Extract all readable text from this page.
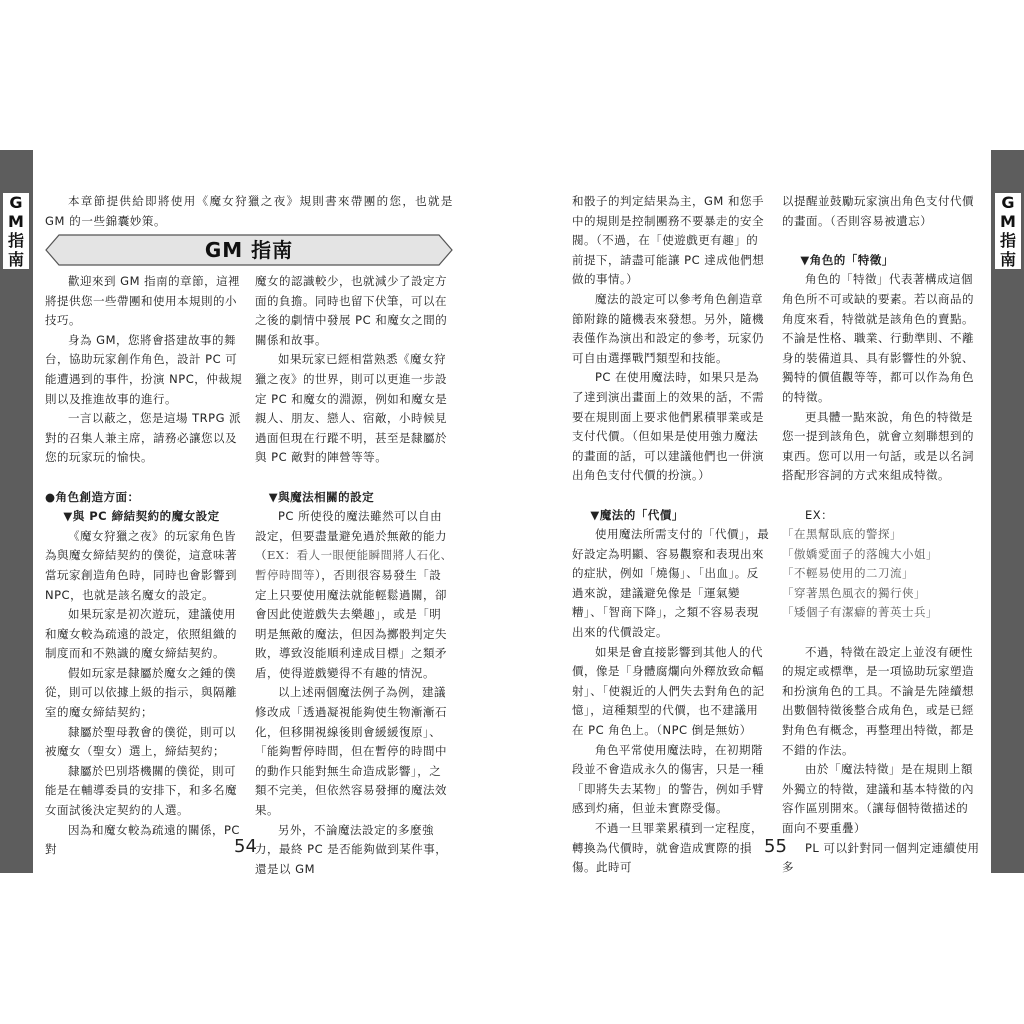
G
M
指
南
G
M
指
南

本章節提供給即將使用《魔女狩獵之夜》規則書來帶團的您，也就是 GM 的一些錦囊妙策。

GM 指南

歡迎來到 GM 指南的章節，這裡將提供您一些帶團和使用本規則的小技巧。

身為 GM，您將會搭建故事的舞台，協助玩家創作角色，設計 PC 可能遭遇到的事件，扮演 NPC，仲裁規則以及推進故事的進行。

一言以蔽之，您是這場 TRPG 派對的召集人兼主席，請務必讓您以及您的玩家玩的愉快。

●角色創造方面：

▼與 PC 締結契約的魔女設定

《魔女狩獵之夜》的玩家角色皆為與魔女締結契約的僕從，這意味著當玩家創造角色時，同時也會影響到 NPC，也就是該名魔女的設定。

如果玩家是初次遊玩，建議使用和魔女較為疏遠的設定，依照組織的制度而和不熟識的魔女締結契約。

假如玩家是隸屬於魔女之鍾的僕從，則可以依據上級的指示，與隔離室的魔女締結契約；

隸屬於聖母教會的僕從，則可以被魔女（聖女）選上，締結契約；

隸屬於巴別塔機關的僕從，則可能是在輔導委員的安排下，和多名魔女面試後決定契約的人選。

因為和魔女較為疏遠的關係，PC 對

魔女的認識較少，也就減少了設定方面的負擔。同時也留下伏筆，可以在之後的劇情中發展 PC 和魔女之間的關係和故事。

如果玩家已經相當熟悉《魔女狩獵之夜》的世界，則可以更進一步設定 PC 和魔女的淵源，例如和魔女是親人、朋友、戀人、宿敵，小時候見過面但現在行蹤不明，甚至是隸屬於與 PC 敵對的陣營等等。

▼與魔法相關的設定

PC 所使役的魔法雖然可以自由設定，但要盡量避免過於無敵的能力（EX：看人一眼便能瞬間將人石化、暫停時間等），否則很容易發生「設定上只要使用魔法就能輕鬆過關，卻會因此使遊戲失去樂趣」，或是「明明是無敵的魔法，但因為擲骰判定失敗，導致沒能順利達成目標」之類矛盾，使得遊戲變得不有趣的情況。

以上述兩個魔法例子為例，建議修改成「透過凝視能夠使生物漸漸石化，但移開視線後則會緩緩復原」、「能夠暫停時間，但在暫停的時間中的動作只能對無生命造成影響」，之類不完美，但依然容易發揮的魔法效果。

另外，不論魔法設定的多麼強力，最終 PC 是否能夠做到某件事，還是以 GM

和骰子的判定結果為主，GM 和您手中的規則是控制團務不要暴走的安全閥。（不過，在「使遊戲更有趣」的前提下，請盡可能讓 PC 達成他們想做的事情。）

魔法的設定可以參考角色創造章節附錄的隨機表來發想。另外，隨機表僅作為演出和設定的參考，玩家仍可自由選擇戰鬥類型和技能。

PC 在使用魔法時，如果只是為了達到演出畫面上的效果的話，不需要在規則面上要求他們累積罪業或是支付代價。（但如果是使用強力魔法的畫面的話，可以建議他們也一併演出角色支付代價的扮演。）

▼魔法的「代價」

使用魔法所需支付的「代價」，最好設定為明顯、容易觀察和表現出來的症狀，例如「燒傷」、「出血」。反過來說，建議避免像是「運氣變糟」、「智商下降」，之類不容易表現出來的代價設定。

如果是會直接影響到其他人的代價，像是「身體腐爛向外釋放致命輻射」、「使親近的人們失去對角色的記憶」，這種類型的代價，也不建議用在 PC 角色上。（NPC 倒是無妨）

角色平常使用魔法時，在初期階段並不會造成永久的傷害，只是一種「即將失去某物」的警告，例如手臂感到灼痛，但並未實際受傷。

不過一旦罪業累積到一定程度，轉換為代價時，就會造成實際的損傷。此時可

以提醒並鼓勵玩家演出角色支付代價的畫面。（否則容易被遺忘）

▼角色的「特徵」

角色的「特徵」代表著構成這個角色所不可或缺的要素。若以商品的角度來看，特徵就是該角色的賣點。不論是性格、職業、行動準則、不離身的裝備道具、具有影響性的外貌、獨特的價值觀等等，都可以作為角色的特徵。

更具體一點來說，角色的特徵是您一提到該角色，就會立刻聯想到的東西。您可以用一句話，或是以名詞搭配形容詞的方式來組成特徵。

EX：

「在黑幫臥底的警探」

「傲嬌愛面子的落魄大小姐」

「不輕易使用的二刀流」

「穿著黑色風衣的獨行俠」

「矮個子有潔癖的菁英士兵」

不過，特徵在設定上並沒有硬性的規定或標準，是一項協助玩家塑造和扮演角色的工具。不論是先陸續想出數個特徵後整合成角色，或是已經對角色有概念，再整理出特徵，都是不錯的作法。

由於「魔法特徵」是在規則上額外獨立的特徵，建議和基本特徵的內容作區別開來。（讓每個特徵描述的面向不要重疊）

PL 可以針對同一個判定連續使用多

54	55
